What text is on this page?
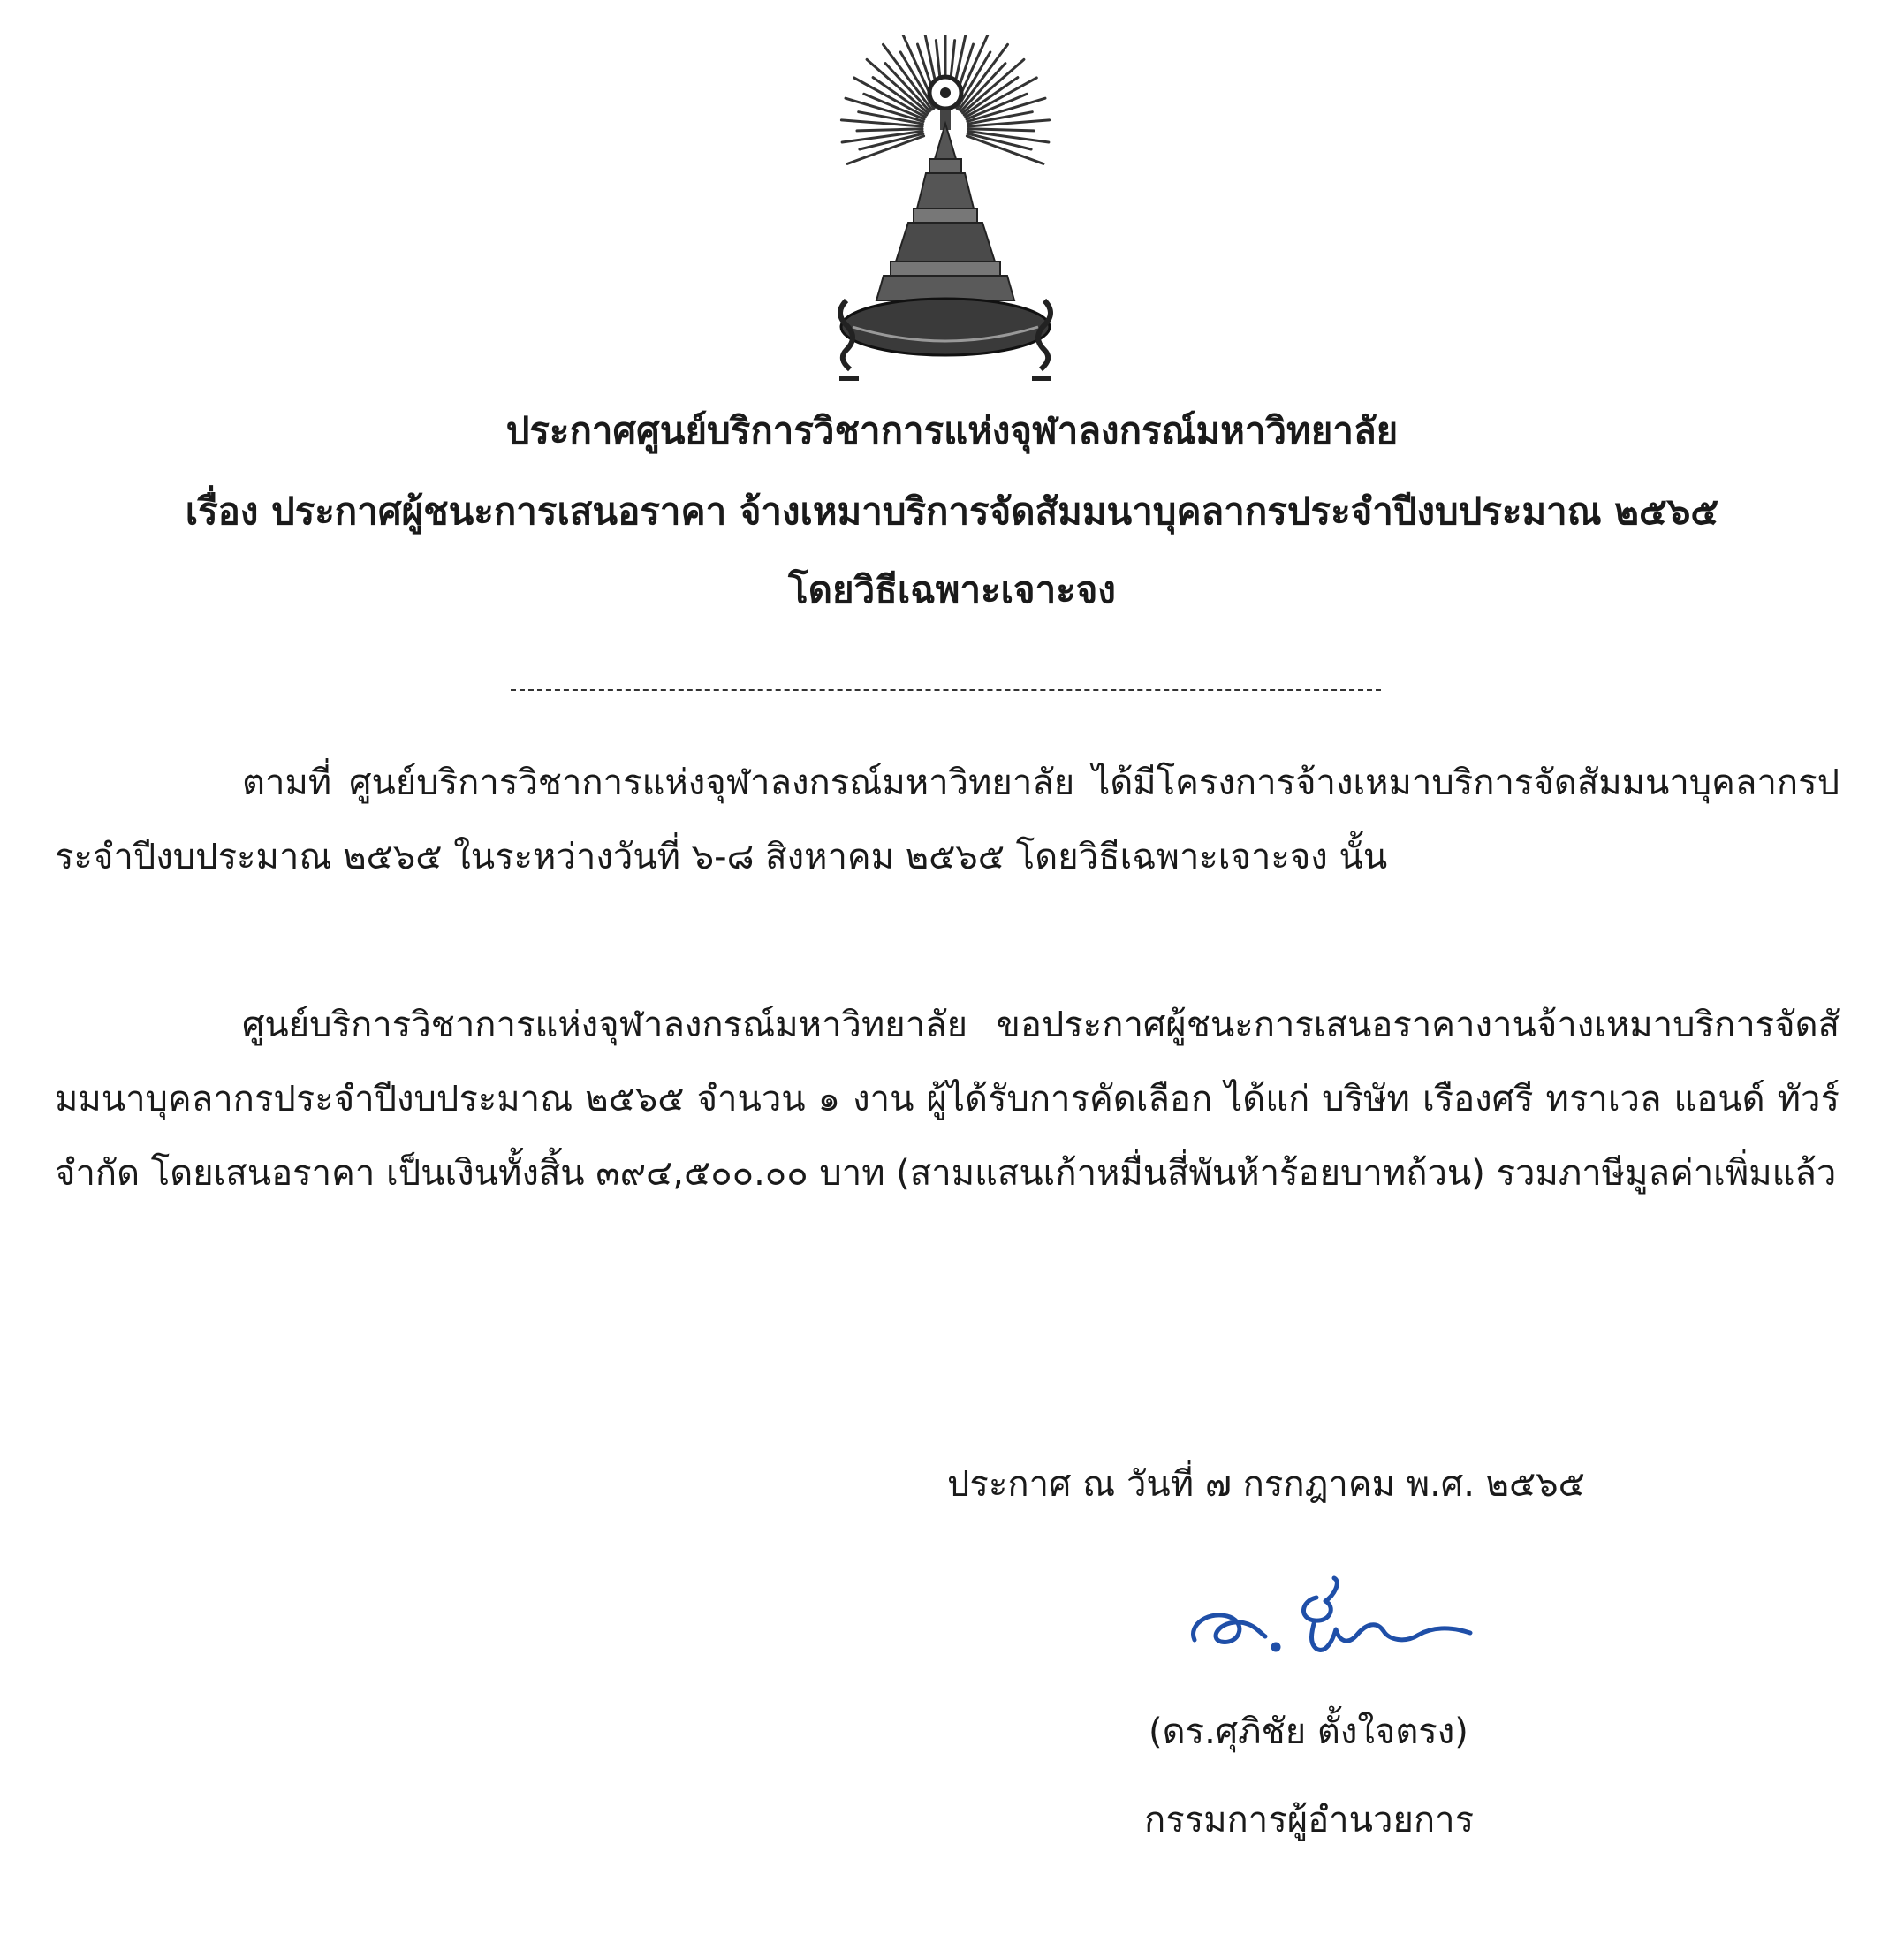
ประกาศศูนย์บริการวิชาการแห่งจุฬาลงกรณ์มหาวิทยาลัย
เรื่อง ประกาศผู้ชนะการเสนอราคา จ้างเหมาบริการจัดสัมมนาบุคลากรประจำปีงบประมาณ ๒๕๖๕
โดยวิธีเฉพาะเจาะจง
ตามที่ ศูนย์บริการวิชาการแห่งจุฬาลงกรณ์มหาวิทยาลัย ได้มีโครงการจ้างเหมาบริการจัดสัมมนาบุคลากรประจำปีงบประมาณ ๒๕๖๕ ในระหว่างวันที่ ๖-๘ สิงหาคม ๒๕๖๕ โดยวิธีเฉพาะเจาะจง นั้น
ศูนย์บริการวิชาการแห่งจุฬาลงกรณ์มหาวิทยาลัย ขอประกาศผู้ชนะการเสนอราคางานจ้างเหมาบริการจัดสัมมนาบุคลากรประจำปีงบประมาณ ๒๕๖๕ จำนวน ๑ งาน ผู้ได้รับการคัดเลือก ได้แก่ บริษัท เรืองศรี ทราเวล แอนด์ ทัวร์ จำกัด โดยเสนอราคา เป็นเงินทั้งสิ้น ๓๙๔,๕๐๐.๐๐ บาท (สามแสนเก้าหมื่นสี่พันห้าร้อยบาทถ้วน) รวมภาษีมูลค่าเพิ่มแล้ว
ประกาศ ณ วันที่ ๗ กรกฎาคม พ.ศ. ๒๕๖๕
(ดร.ศุภิชัย ตั้งใจตรง)
กรรมการผู้อำนวยการ
